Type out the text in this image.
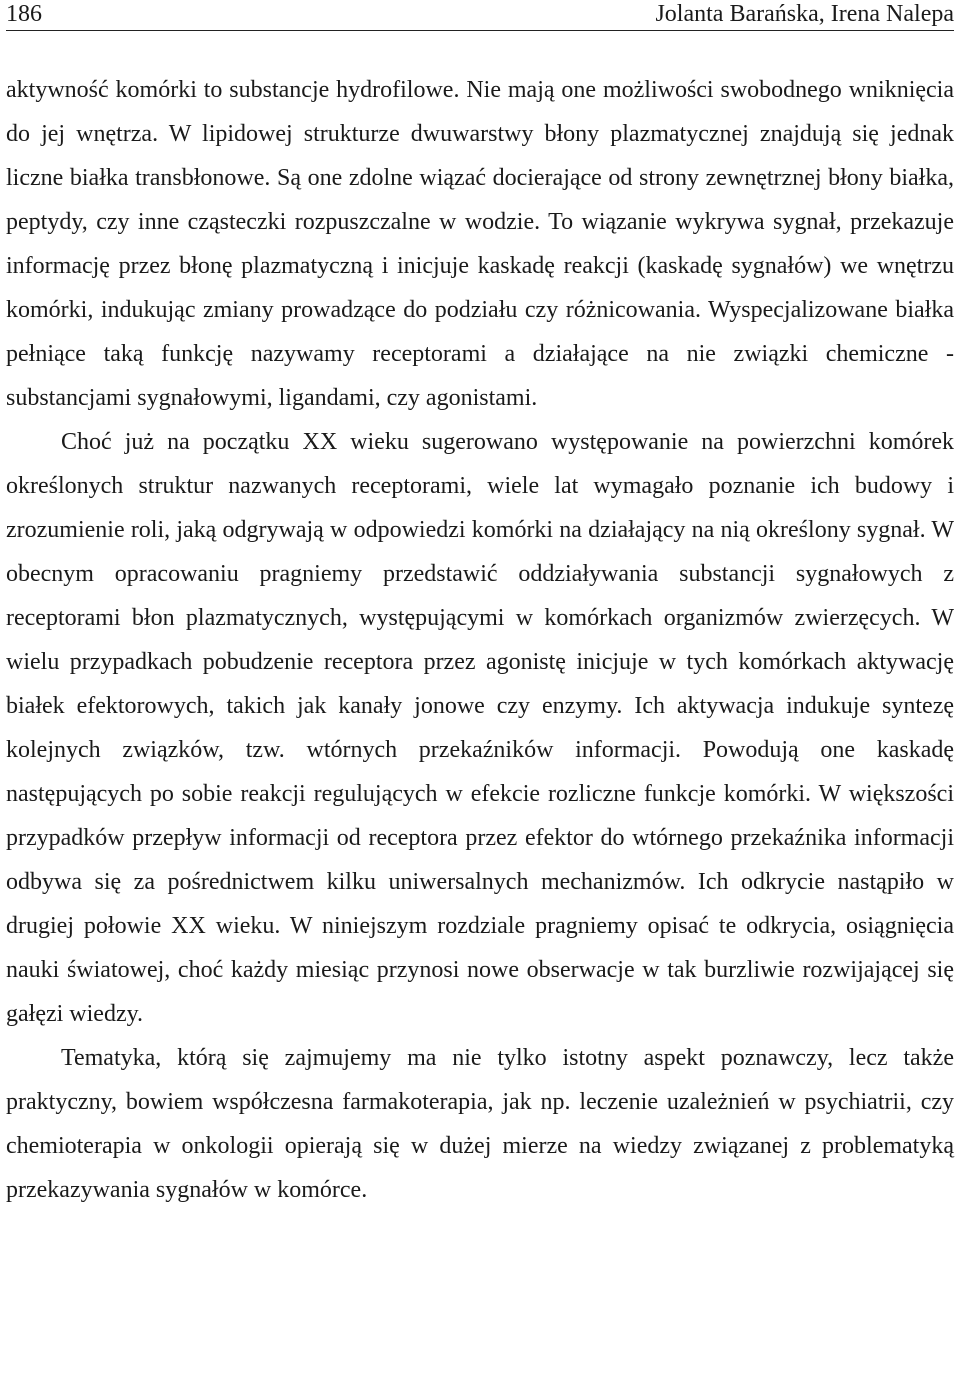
186	Jolanta Barańska, Irena Nalepa

aktywność komórki to substancje hydrofilowe. Nie mają one możliwości swobodnego wniknięcia do jej wnętrza. W lipidowej strukturze dwuwarstwy błony plazmatycznej znajdują się jednak liczne białka transbłonowe. Są one zdolne wiązać docierające od strony zewnętrznej błony białka, peptydy, czy inne cząsteczki rozpuszczalne w wodzie. To wiązanie wykrywa sygnał, przekazuje informację przez błonę plazmatyczną i inicjuje kaskadę reakcji (kaskadę sygnałów) we wnętrzu komórki, indukując zmiany prowadzące do podziału czy różnicowania. Wyspecjalizowane białka pełniące taką funkcję nazywamy receptorami a działające na nie związki chemiczne - substancjami sygnałowymi, ligandami, czy agonistami.

Choć już na początku XX wieku sugerowano występowanie na powierzchni komórek określonych struktur nazwanych receptorami, wiele lat wymagało poznanie ich budowy i zrozumienie roli, jaką odgrywają w odpowiedzi komórki na działający na nią określony sygnał. W obecnym opracowaniu pragniemy przedstawić oddziaływania substancji sygnałowych z receptorami błon plazmatycznych, występującymi w komórkach organizmów zwierzęcych. W wielu przypadkach pobudzenie receptora przez agonistę inicjuje w tych komórkach aktywację białek efektorowych, takich jak kanały jonowe czy enzymy. Ich aktywacja indukuje syntezę kolejnych związków, tzw. wtórnych przekaźników informacji. Powodują one kaskadę następujących po sobie reakcji regulujących w efekcie rozliczne funkcje komórki. W większości przypadków przepływ informacji od receptora przez efektor do wtórnego przekaźnika informacji odbywa się za pośrednictwem kilku uniwersalnych mechanizmów. Ich odkrycie nastąpiło w drugiej połowie XX wieku. W niniejszym rozdziale pragniemy opisać te odkrycia, osiągnięcia nauki światowej, choć każdy miesiąc przynosi nowe obserwacje w tak burzliwie rozwijającej się gałęzi wiedzy.

Tematyka, którą się zajmujemy ma nie tylko istotny aspekt poznawczy, lecz także praktyczny, bowiem współczesna farmakoterapia, jak np. leczenie uzależnień w psychiatrii, czy chemioterapia w onkologii opierają się w dużej mierze na wiedzy związanej z problematyką przekazywania sygnałów w komórce.
